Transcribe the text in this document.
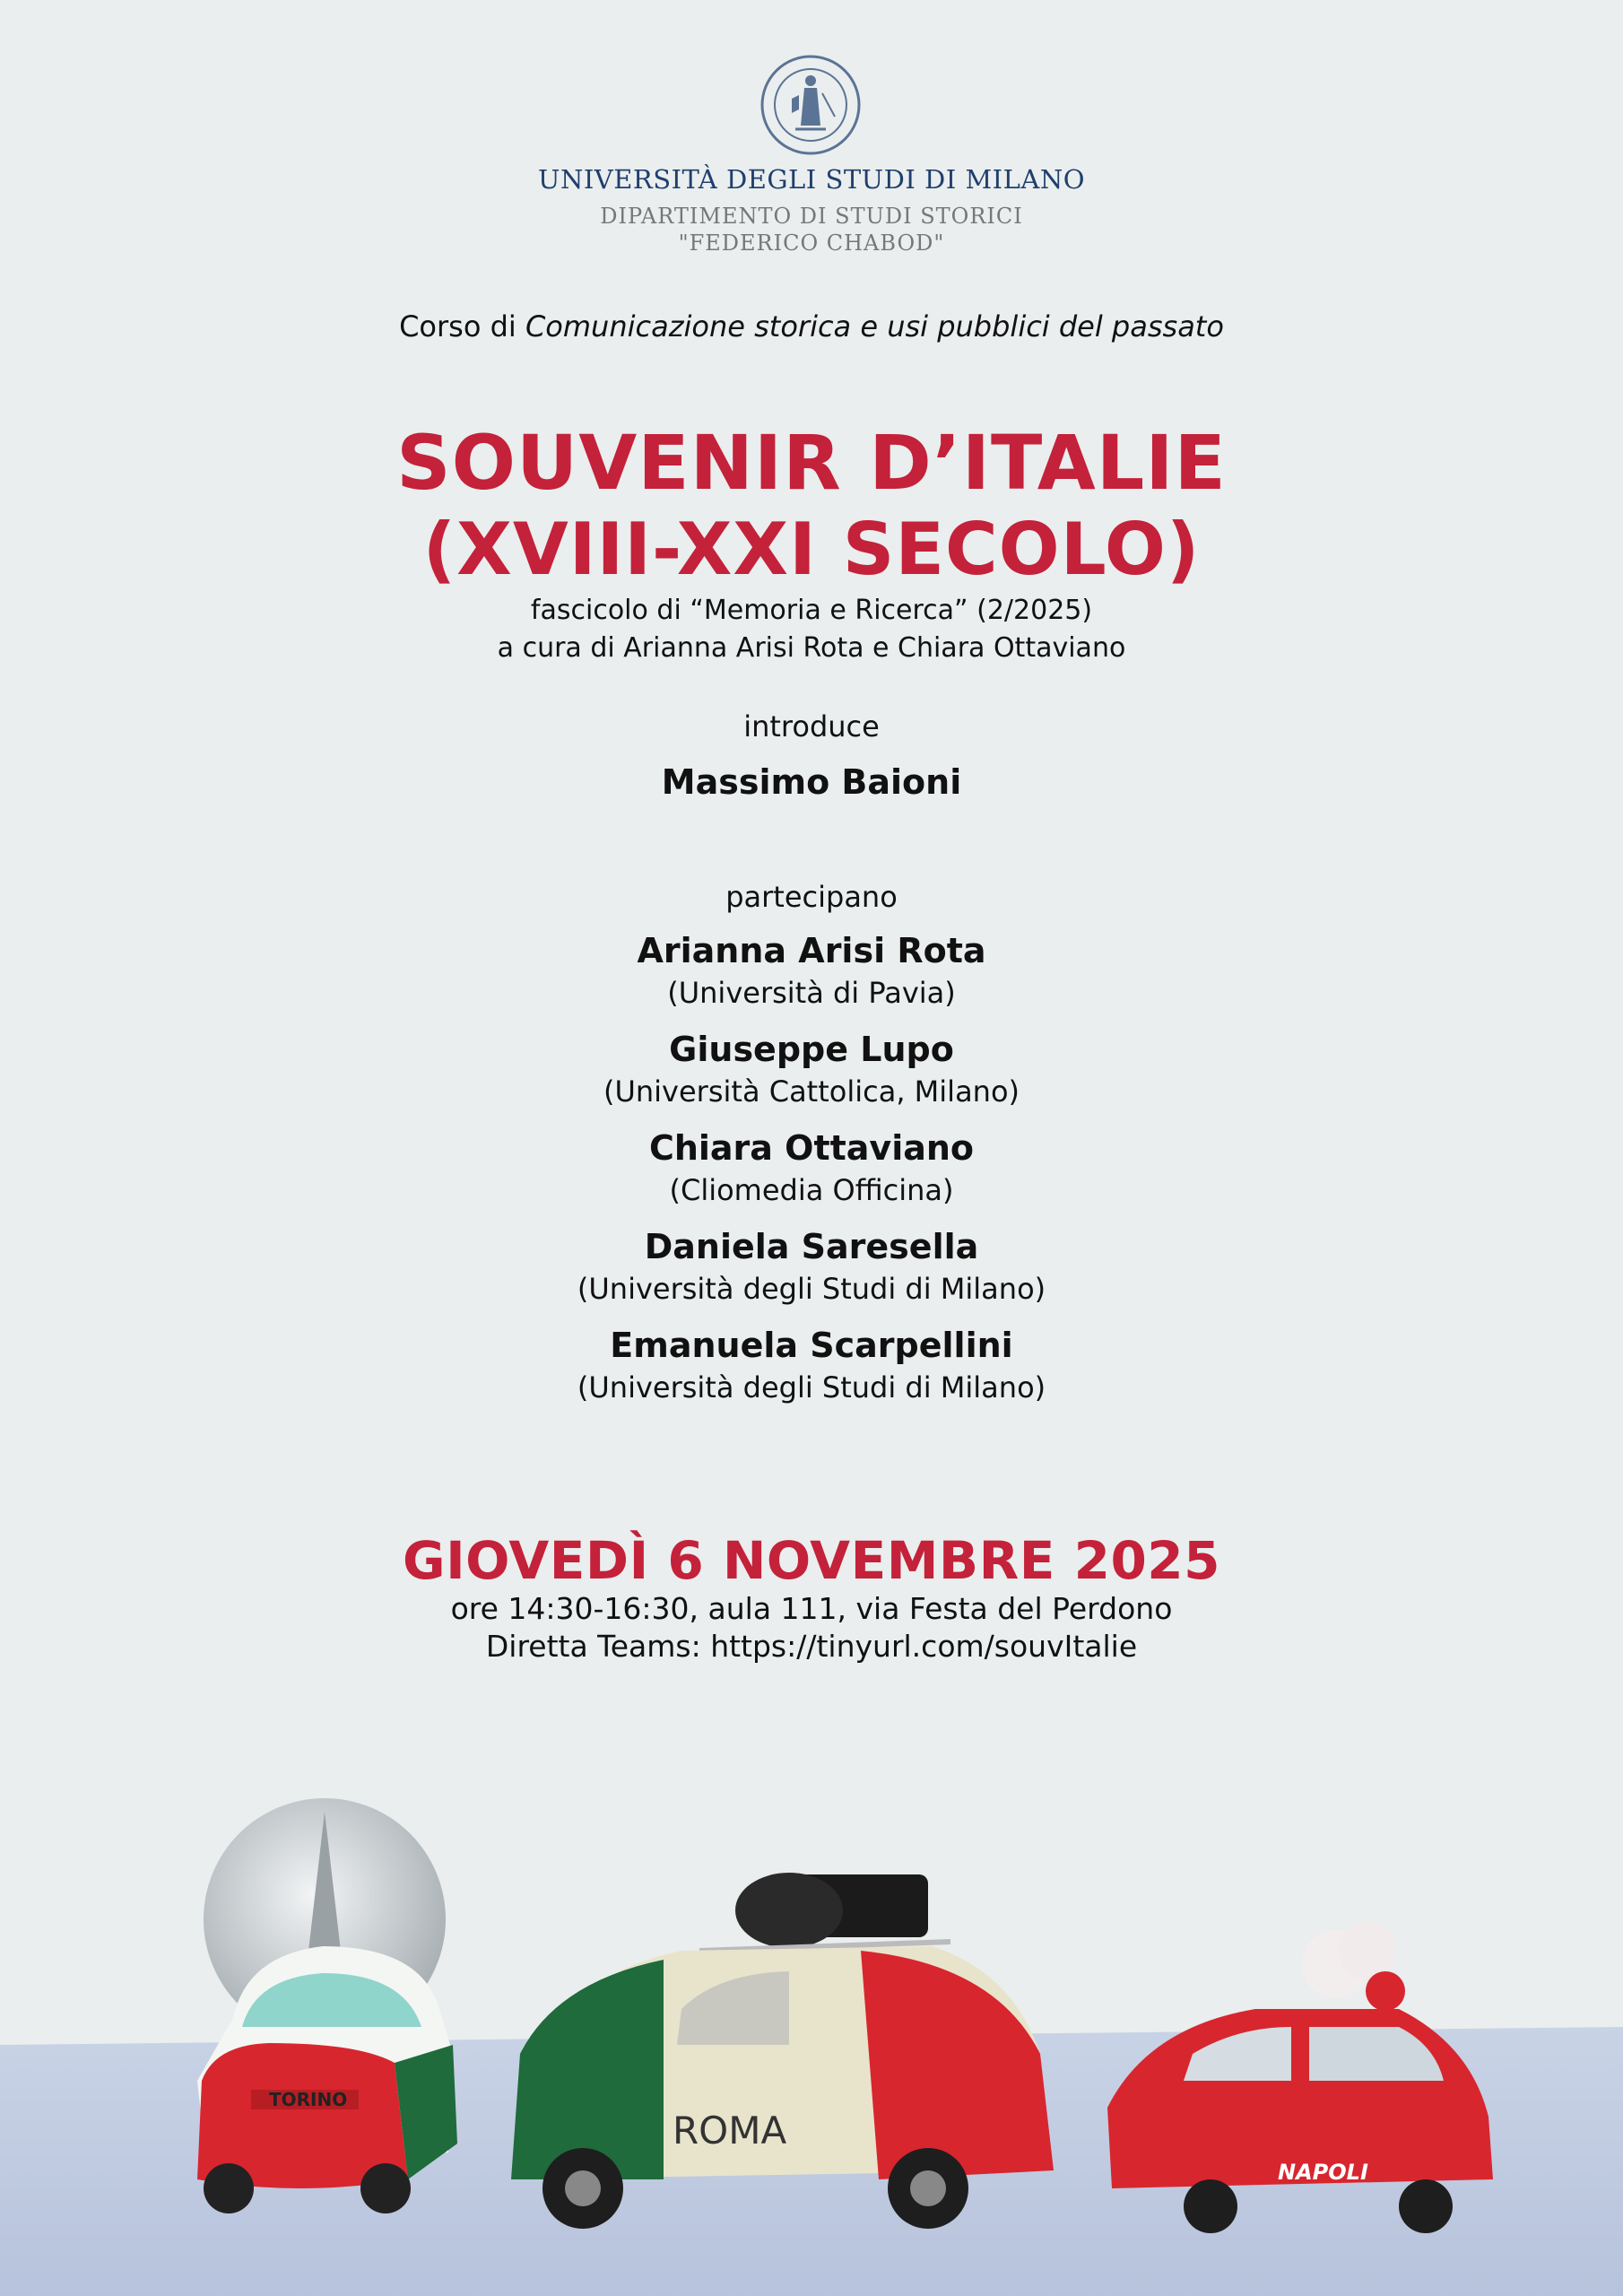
UNIVERSITÀ DEGLI STUDI DI MILANO
DIPARTIMENTO DI STUDI STORICI
"FEDERICO CHABOD"
Corso di Comunicazione storica e usi pubblici del passato
SOUVENIR D’ITALIE
(XVIII-XXI SECOLO)
fascicolo di “Memoria e Ricerca” (2/2025)
a cura di Arianna Arisi Rota e Chiara Ottaviano
introduce
Massimo Baioni
partecipano
Arianna Arisi Rota
(Università di Pavia)
Giuseppe Lupo
(Università Cattolica, Milano)
Chiara Ottaviano
(Cliomedia Officina)
Daniela Saresella
(Università degli Studi di Milano)
Emanuela Scarpellini
(Università degli Studi di Milano)
GIOVEDÌ 6 NOVEMBRE 2025
ore 14:30-16:30, aula 111, via Festa del Perdono
Diretta Teams: https://tinyurl.com/souvItalie
TORINO
ROMA
NAPOLI
